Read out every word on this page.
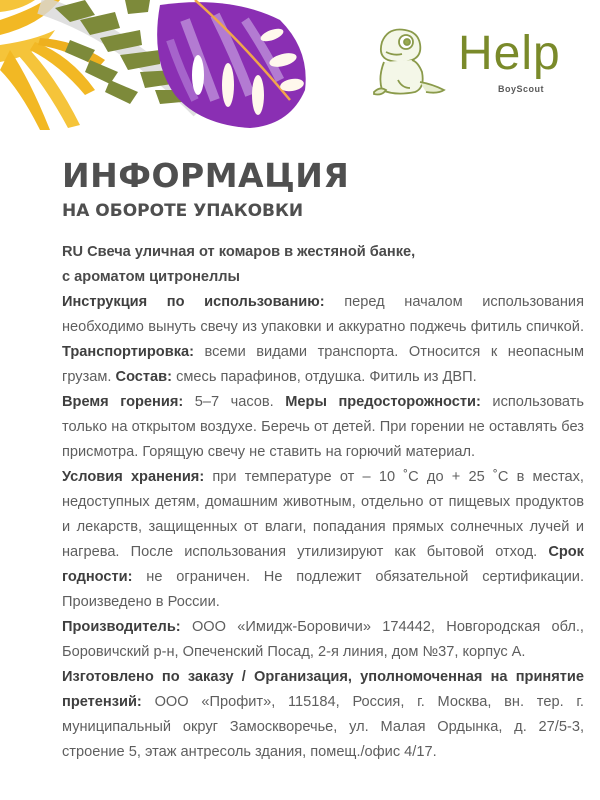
Help
BoyScout
ИНФОРМАЦИЯ
НА ОБОРОТЕ УПАКОВКИ
RU Свеча уличная от комаров в жестяной банке,
с ароматом цитронеллы

Инструкция по использованию: перед началом использования необходимо вынуть свечу из упаковки и аккуратно поджечь фитиль спичкой. Транспортировка: всеми видами транспорта. Относится к неопасным грузам. Состав: смесь парафинов, отдушка. Фитиль из ДВП.

Время горения: 5–7 часов. Меры предосторожности: использовать только на открытом воздухе. Беречь от детей. При горении не оставлять без присмотра. Горящую свечу не ставить на горючий материал.

Условия хранения: при температуре от – 10 ˚С до + 25 ˚С в местах, недоступных детям, домашним животным, отдельно от пищевых продуктов и лекарств, защищенных от влаги, попадания прямых солнечных лучей и нагрева. После использования утилизируют как бытовой отход. Срок годности: не ограничен. Не подлежит обязательной сертификации. Произведено в России.

Производитель: ООО «Имидж-Боровичи» 174442, Новгородская обл., Боровичский р-н, Опеченский Посад, 2-я линия, дом №37, корпус А.

Изготовлено по заказу / Организация, уполномоченная на принятие претензий: ООО «Профит», 115184, Россия, г. Москва, вн. тер. г. муниципальный округ Замоскворечье, ул. Малая Ордынка, д. 27/5-3, строение 5, этаж антресоль здания, помещ./офис 4/17.
